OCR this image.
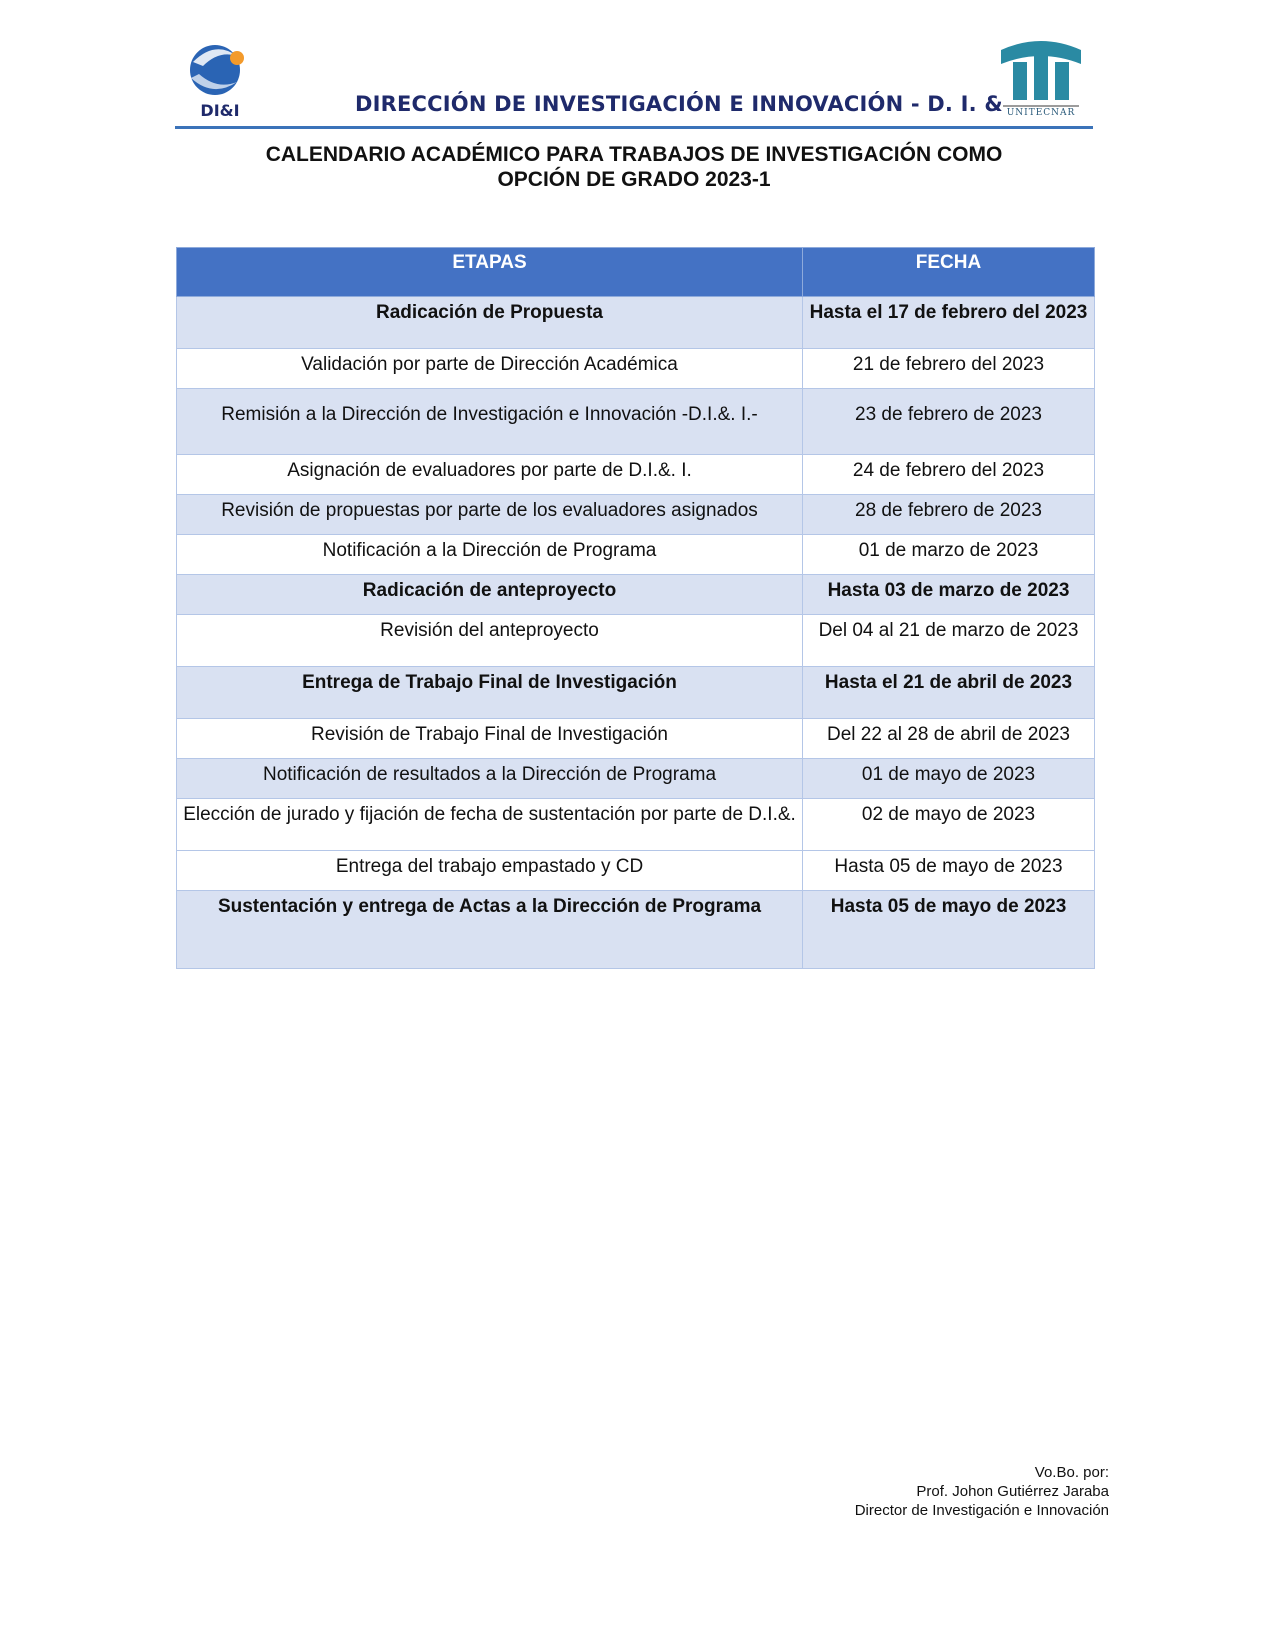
DI&I	UNITECNAR
DIRECCIÓN DE INVESTIGACIÓN E INNOVACIÓN - D. I. &
CALENDARIO ACADÉMICO PARA TRABAJOS DE INVESTIGACIÓN COMO
OPCIÓN DE GRADO 2023-1
ETAPAS	FECHA
Radicación de Propuesta	Hasta el 17 de febrero del 2023
Validación por parte de Dirección Académica	21 de febrero del 2023
Remisión a la Dirección de Investigación e Innovación -D.I.&. I.-	23 de febrero de 2023
Asignación de evaluadores por parte de D.I.&. I.	24 de febrero del 2023
Revisión de propuestas por parte de los evaluadores asignados	28 de febrero de 2023
Notificación a la Dirección de Programa	01 de marzo de 2023
Radicación de anteproyecto	Hasta 03 de marzo de 2023
Revisión del anteproyecto	Del 04 al 21 de marzo de 2023
Entrega de Trabajo Final de Investigación	Hasta el 21 de abril de 2023
Revisión de Trabajo Final de Investigación	Del 22 al 28 de abril de 2023
Notificación de resultados a la Dirección de Programa	01 de mayo de 2023
Elección de jurado y fijación de fecha de sustentación por parte de D.I.&.	02 de mayo de 2023
Entrega del trabajo empastado y CD	Hasta 05 de mayo de 2023
Sustentación y entrega de Actas a la Dirección de Programa	Hasta 05 de mayo de 2023
Vo.Bo. por:
Prof. Johon Gutiérrez Jaraba
Director de Investigación e Innovación
